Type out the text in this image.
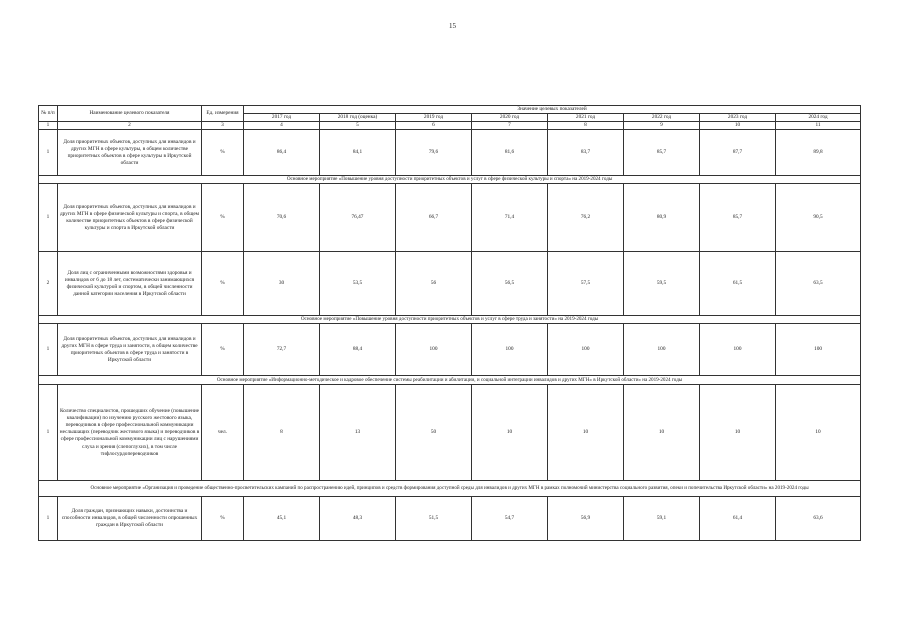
15
№ п/п	Наименование целевого показателя	Ед. измерения	Значение целевых показателей							
			2017 год	2018 год (оценка)	2019 год	2020 год	2021 год	2022 год	2023 год	2024 год
1	2	3	4	5	6	7	8	9	10	11
1	Доля приоритетных объектов, доступных для инвалидов и других МГН в сфере культуры, в общем количестве приоритетных объектов в сфере культуры в Иркутской области	%	86,4	84,1	79,6	81,6	83,7	85,7	87,7	89,8
Основное мероприятие «Повышение уровня доступности приоритетных объектов и услуг в сфере физической культуры и спорта» на 2019-2024 годы										
1	Доля приоритетных объектов, доступных для инвалидов и других МГН в сфере физической культуры и спорта, в общем количестве приоритетных объектов в сфере физической культуры и спорта в Иркутской области	%	70,6	76,47	66,7	71,4	76,2	80,9	85,7	90,5
2	Доля лиц с ограниченными возможностями здоровья и инвалидов от 6 до 18 лет, систематически занимающихся физической культурой и спортом, в общей численности данной категории населения в Иркутской области	%	30	53,5	56	56,5	57,5	59,5	61,5	63,5
Основное мероприятие «Повышение уровня доступности приоритетных объектов и услуг в сфере труда и занятости» на 2019-2024 годы										
1	Доля приоритетных объектов, доступных для инвалидов и других МГН в сфере труда и занятости, в общем количестве приоритетных объектов в сфере труда и занятости в Иркутской области	%	72,7	88,4	100	100	100	100	100	100
Основное мероприятие «Информационно-методическое и кадровое обеспечение системы реабилитации и абилитации, и социальной интеграции инвалидов и других МГН» в Иркутской области» на 2019-2024 годы										
1	Количество специалистов, прошедших обучение (повышение квалификации) по изучению русского жестового языка, переводчиков в сфере профессиональной коммуникации неслышащих (переводчик жестового языка) и переводчиков в сфере профессиональной коммуникации лиц с нарушениями слуха и зрения (слепоглухих), в том числе тифлосурдопереводчиков	чел.	8	13	50	10	10	10	10	10
Основное мероприятие «Организация и проведение общественно-просветительских кампаний по распространению идей, принципов и средств формирования доступной среды для инвалидов и других МГН в рамках полномочий министерства социального развития, опеки и попечительства Иркутской области» на 2019-2024 годы										
1	Доля граждан, признающих навыки, достоинства и способности инвалидов, в общей численности опрошенных граждан в Иркутской области	%	45,1	48,3	51,5	54,7	56,9	59,1	61,4	63,6
